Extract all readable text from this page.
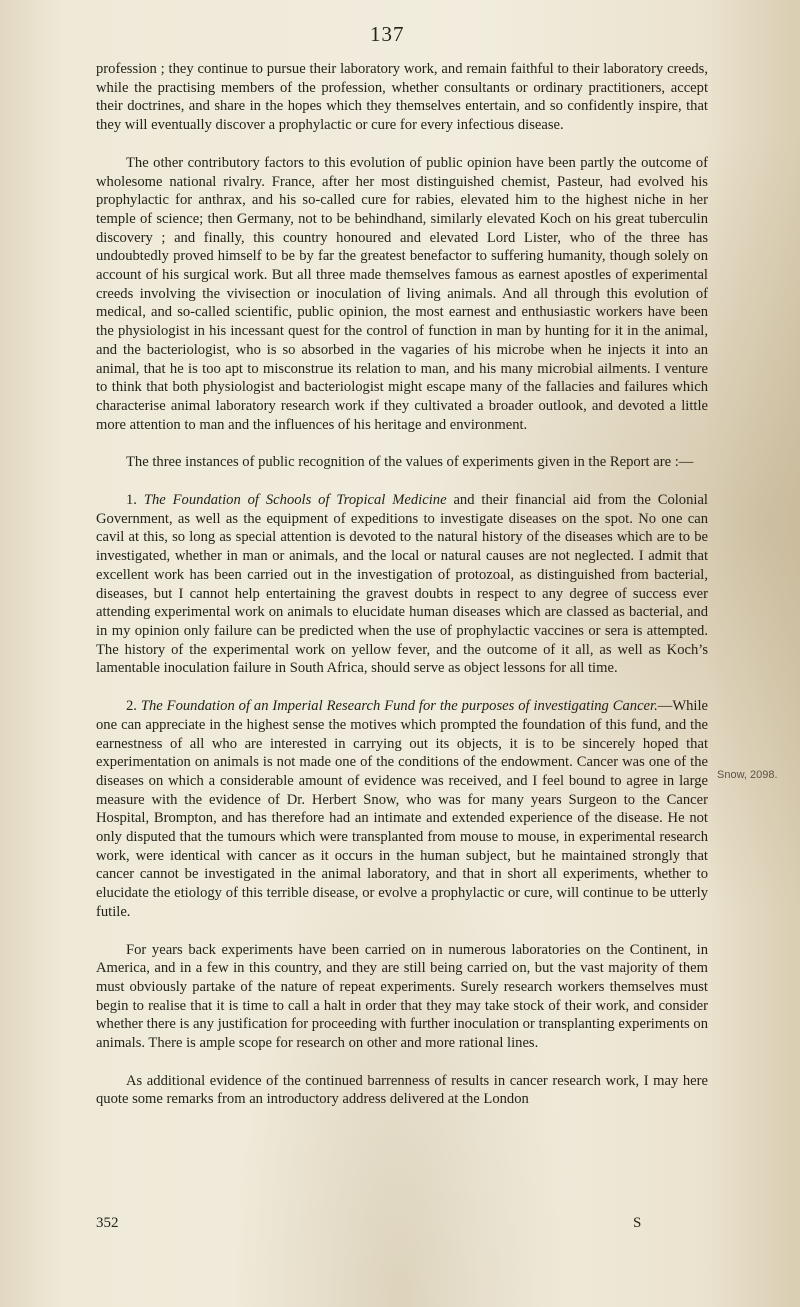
137

profession ; they continue to pursue their laboratory work, and remain faithful to their laboratory creeds, while the practising members of the profession, whether consultants or ordinary practitioners, accept their doctrines, and share in the hopes which they themselves entertain, and so confidently inspire, that they will eventually discover a prophylactic or cure for every infectious disease.

The other contributory factors to this evolution of public opinion have been partly the outcome of wholesome national rivalry. France, after her most distinguished chemist, Pasteur, had evolved his prophylactic for anthrax, and his so-called cure for rabies, elevated him to the highest niche in her temple of science; then Germany, not to be behindhand, similarly elevated Koch on his great tuberculin discovery ; and finally, this country honoured and elevated Lord Lister, who of the three has undoubtedly proved himself to be by far the greatest benefactor to suffering humanity, though solely on account of his surgical work. But all three made themselves famous as earnest apostles of experimental creeds involving the vivisection or inoculation of living animals. And all through this evolution of medical, and so-called scientific, public opinion, the most earnest and enthusiastic workers have been the physiologist in his incessant quest for the control of function in man by hunting for it in the animal, and the bacteriologist, who is so absorbed in the vagaries of his microbe when he injects it into an animal, that he is too apt to misconstrue its relation to man, and his many microbial ailments. I venture to think that both physiologist and bacteriologist might escape many of the fallacies and failures which characterise animal laboratory research work if they cultivated a broader outlook, and devoted a little more attention to man and the influences of his heritage and environment.

The three instances of public recognition of the values of experiments given in the Report are :—

1. The Foundation of Schools of Tropical Medicine and their financial aid from the Colonial Government, as well as the equipment of expeditions to investigate diseases on the spot. No one can cavil at this, so long as special attention is devoted to the natural history of the diseases which are to be investigated, whether in man or animals, and the local or natural causes are not neglected. I admit that excellent work has been carried out in the investigation of protozoal, as distinguished from bacterial, diseases, but I cannot help entertaining the gravest doubts in respect to any degree of success ever attending experimental work on animals to elucidate human diseases which are classed as bacterial, and in my opinion only failure can be predicted when the use of prophylactic vaccines or sera is attempted. The history of the experimental work on yellow fever, and the outcome of it all, as well as Koch’s lamentable inoculation failure in South Africa, should serve as object lessons for all time.

2. The Foundation of an Imperial Research Fund for the purposes of investigating Cancer.—While one can appreciate in the highest sense the motives which prompted the foundation of this fund, and the earnestness of all who are interested in carrying out its objects, it is to be sincerely hoped that experimentation on animals is not made one of the conditions of the endowment. Cancer was one of the diseases on which a considerable amount of evidence was received, and I feel bound to agree in large measure with the evidence of Dr. Herbert Snow, who was for many years Surgeon to the Cancer Hospital, Brompton, and has therefore had an intimate and extended experience of the disease. He not only disputed that the tumours which were transplanted from mouse to mouse, in experimental research work, were identical with cancer as it occurs in the human subject, but he maintained strongly that cancer cannot be investigated in the animal laboratory, and that in short all experiments, whether to elucidate the etiology of this terrible disease, or evolve a prophylactic or cure, will continue to be utterly futile.

For years back experiments have been carried on in numerous laboratories on the Continent, in America, and in a few in this country, and they are still being carried on, but the vast majority of them must obviously partake of the nature of repeat experiments. Surely research workers themselves must begin to realise that it is time to call a halt in order that they may take stock of their work, and consider whether there is any justification for proceeding with further inoculation or transplanting experiments on animals. There is ample scope for research on other and more rational lines.

As additional evidence of the continued barrenness of results in cancer research work, I may here quote some remarks from an introductory address delivered at the London

Snow, 2098.
352	S
